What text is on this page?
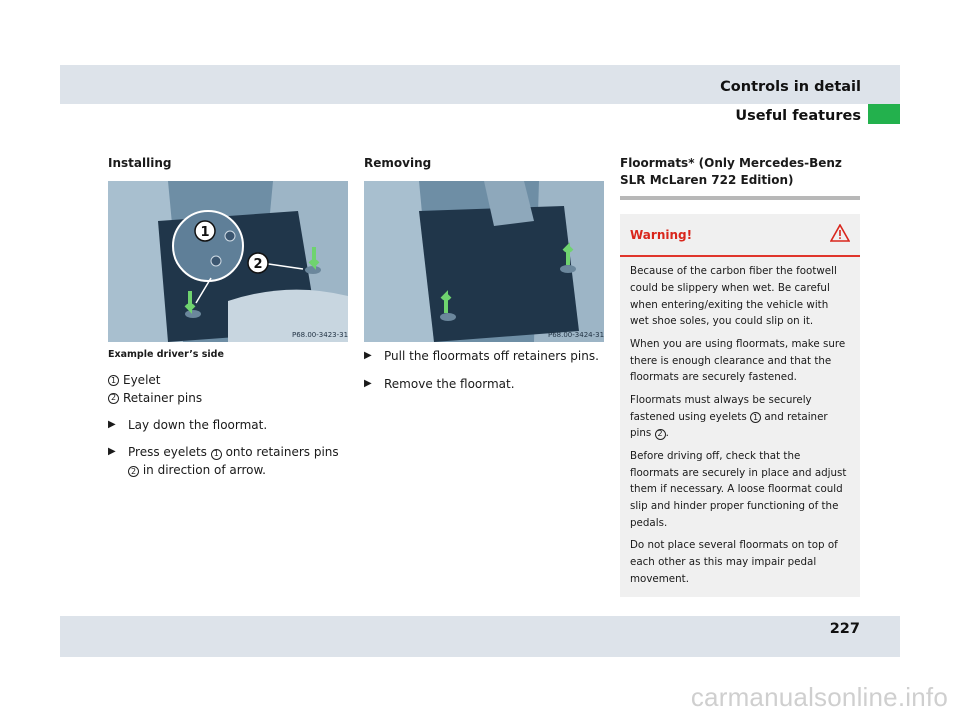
Controls in detail
Useful features
Installing
1
2
P68.00-3423-31
Example driver’s side
1 Eyelet
2 Retainer pins
▶	Lay down the floormat.
▶	Press eyelets 1 onto retainers pins 2 in direction of arrow.
Removing
P68.00-3424-31
▶	Pull the floormats off retainers pins.
▶	Remove the floormat.
Floormats* (Only Mercedes-Benz SLR McLaren 722 Edition)
Warning!

Because of the carbon fiber the footwell could be slippery when wet. Be careful when entering/exiting the vehicle with wet shoe soles, you could slip on it.

When you are using floormats, make sure there is enough clearance and that the floormats are securely fastened.

Floormats must always be securely fastened using eyelets 1 and retainer pins 2 .

Before driving off, check that the floormats are securely in place and adjust them if necessary. A loose floormat could slip and hinder proper functioning of the pedals.

Do not place several floormats on top of each other as this may impair pedal movement.

227
carmanualsonline.info
